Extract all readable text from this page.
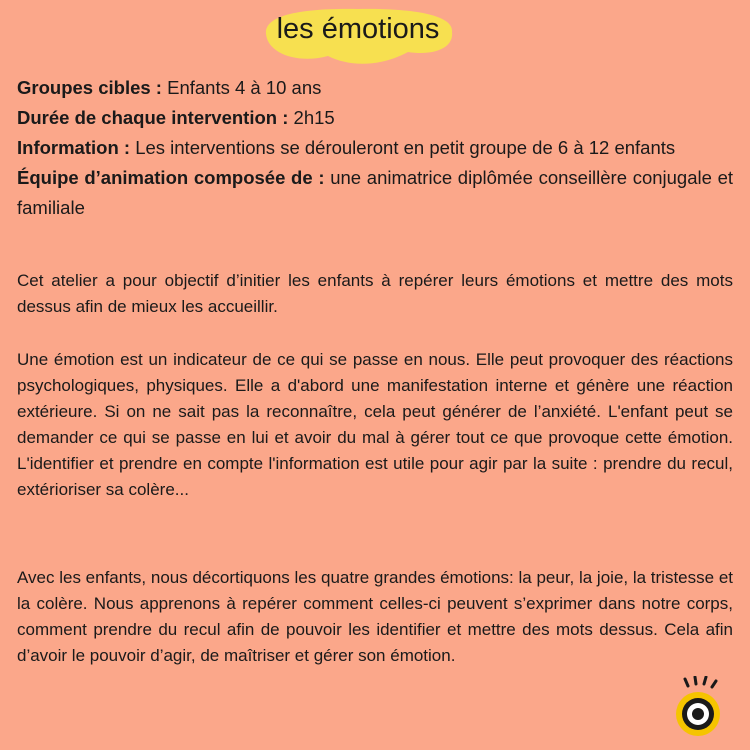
les émotions
Groupes cibles : Enfants 4 à 10 ans
Durée de chaque intervention : 2h15
Information : Les interventions se dérouleront en petit groupe de 6 à 12 enfants
Équipe d’animation composée de : une animatrice diplômée conseillère conjugale et familiale

Cet atelier a pour objectif d’initier les enfants à repérer leurs émotions et mettre des mots dessus afin de mieux les accueillir.

Une émotion est un indicateur de ce qui se passe en nous. Elle peut provoquer des réactions psychologiques, physiques. Elle a d'abord une manifestation interne et génère une réaction extérieure. Si on ne sait pas la reconnaître, cela peut générer de l’anxiété. L'enfant peut se demander ce qui se passe en lui et avoir du mal à gérer tout ce que provoque cette émotion. L'identifier et prendre en compte l'information est utile pour agir par la suite : prendre du recul, extérioriser sa colère...

Avec les enfants, nous décortiquons les quatre grandes émotions: la peur, la joie, la tristesse et la colère. Nous apprenons à repérer comment celles-ci peuvent s’exprimer dans notre corps, comment prendre du recul afin de pouvoir les identifier et mettre des mots dessus. Cela afin d’avoir le pouvoir d’agir, de maîtriser et gérer son émotion.
